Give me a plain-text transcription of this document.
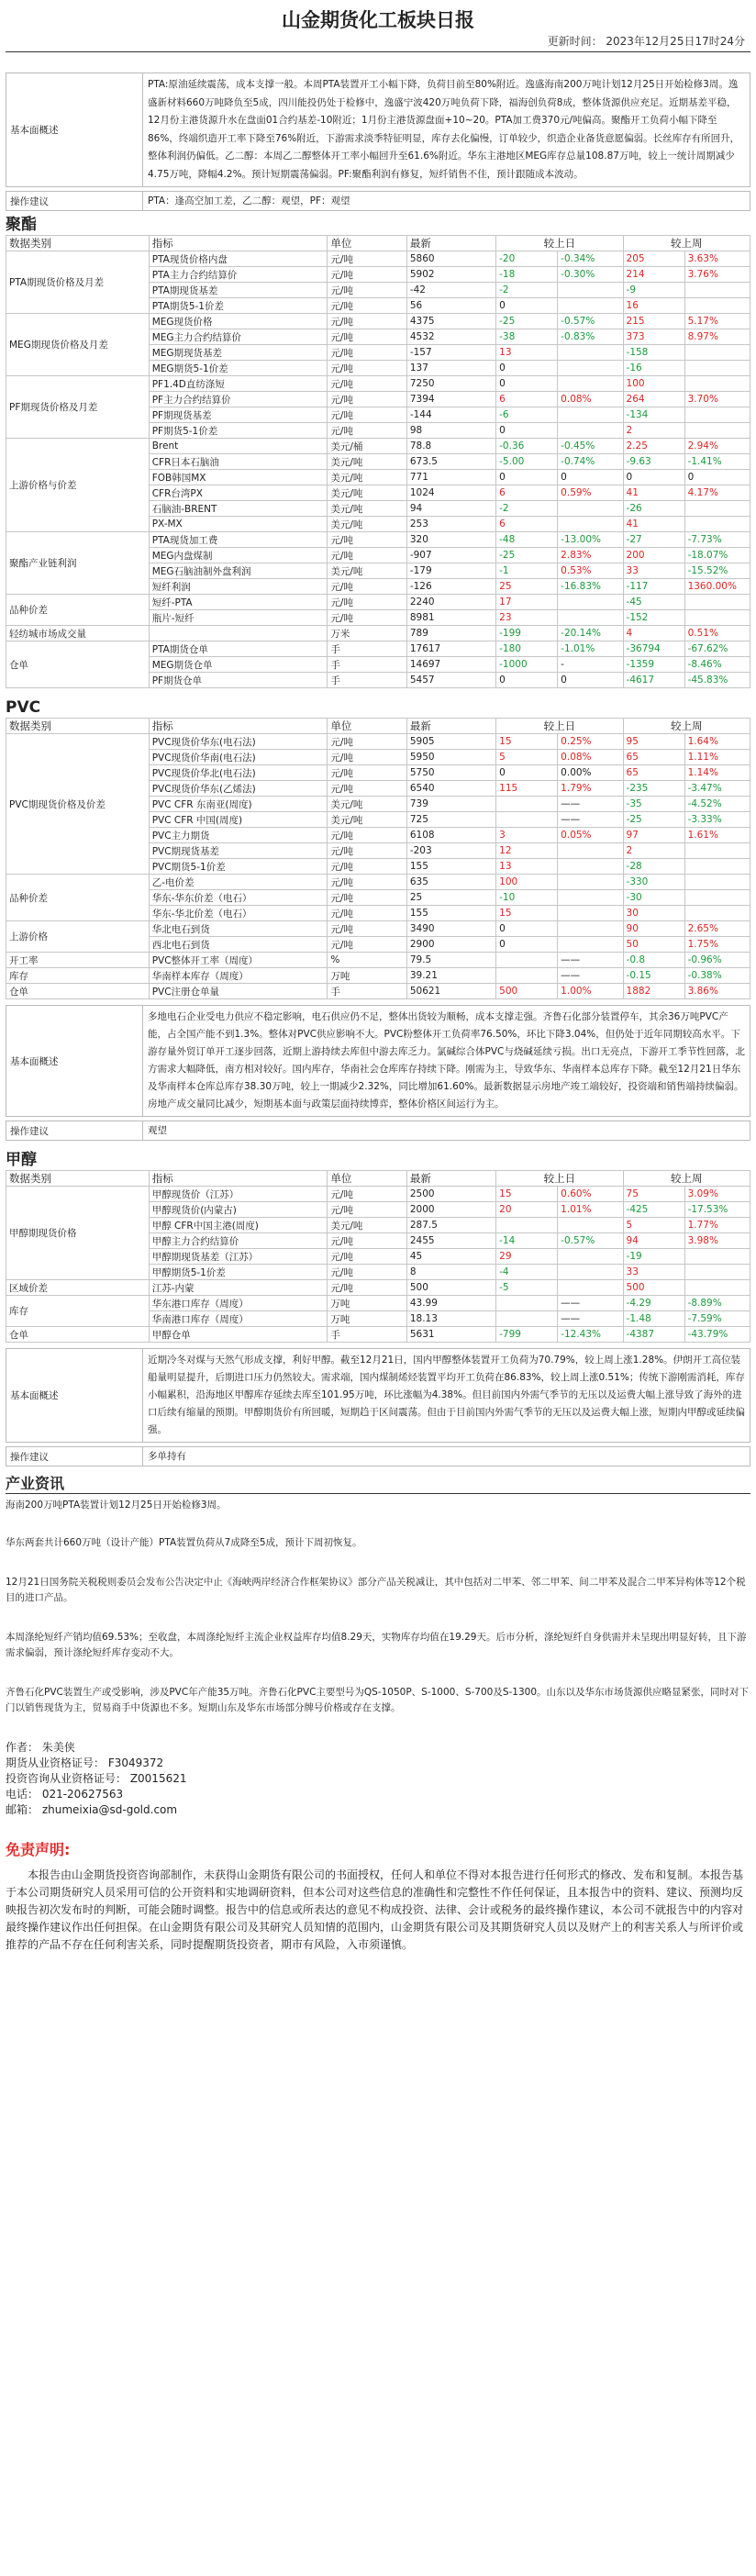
山金期货化工板块日报
更新时间： 2023年12月25日17时24分
基本面概述
PTA:原油延续震荡，成本支撑一般。本周PTA装置开工小幅下降，负荷目前至80%附近。逸盛海南200万吨计划12月25日开始检修3周。逸盛新材料660万吨降负至5成，四川能投仍处于检修中，逸盛宁波420万吨负荷下降，福海创负荷8成，整体货源供应充足。近期基差平稳，12月份主港货源升水在盘面01合约基差-10附近；1月份主港货源盘面+10~20。PTA加工费370元/吨偏高。聚酯开工负荷小幅下降至86%，终端织造开工率下降至76%附近，下游需求淡季特征明显，库存去化偏慢，订单较少，织造企业备货意愿偏弱。长丝库存有所回升，整体利润仍偏低。乙二醇：本周乙二醇整体开工率小幅回升至61.6%附近。华东主港地区MEG库存总量108.87万吨，较上一统计周期减少4.75万吨，降幅4.2%。预计短期震荡偏弱。PF:聚酯利润有修复，短纤销售不佳，预计跟随成本波动。
操作建议	PTA：逢高空加工差，乙二醇：观望，PF：观望
聚酯
数据类别	指标	单位	最新	较上日		较上周	
PTA期现货价格及月差	PTA现货价格内盘	元/吨	5860	-20	-0.34%	205	3.63%
	PTA主力合约结算价	元/吨	5902	-18	-0.30%	214	3.76%
	PTA期现货基差	元/吨	-42	-2		-9	
	PTA期货5-1价差	元/吨	56	0		16	
MEG期现货价格及月差	MEG现货价格	元/吨	4375	-25	-0.57%	215	5.17%
	MEG主力合约结算价	元/吨	4532	-38	-0.83%	373	8.97%
	MEG期现货基差	元/吨	-157	13		-158	
	MEG期货5-1价差	元/吨	137	0		-16	
PF期现货价格及月差	PF1.4D直纺涤短	元/吨	7250	0		100	
	PF主力合约结算价	元/吨	7394	6	0.08%	264	3.70%
	PF期现货基差	元/吨	-144	-6		-134	
	PF期货5-1价差	元/吨	98	0		2	
上游价格与价差	Brent	美元/桶	78.8	-0.36	-0.45%	2.25	2.94%
	CFR日本石脑油	美元/吨	673.5	-5.00	-0.74%	-9.63	-1.41%
	FOB韩国MX	美元/吨	771	0	0	0	0
	CFR台湾PX	美元/吨	1024	6	0.59%	41	4.17%
	石脑油-BRENT	美元/吨	94	-2		-26	
	PX-MX	美元/吨	253	6		41	
聚酯产业链利润	PTA现货加工费	元/吨	320	-48	-13.00%	-27	-7.73%
	MEG内盘煤制	元/吨	-907	-25	2.83%	200	-18.07%
	MEG石脑油制外盘利润	美元/吨	-179	-1	0.53%	33	-15.52%
	短纤利润	元/吨	-126	25	-16.83%	-117	1360.00%
品种价差	短纤-PTA	元/吨	2240	17		-45	
	瓶片-短纤	元/吨	8981	23		-152	
轻纺城市场成交量		万米	789	-199	-20.14%	4	0.51%
仓单	PTA期货仓单	手	17617	-180	-1.01%	-36794	-67.62%
	MEG期货仓单	手	14697	-1000	-	-1359	-8.46%
	PF期货仓单	手	5457	0	0	-4617	-45.83%
PVC
数据类别	指标	单位	最新	较上日		较上周	
PVC期现货价格及价差	PVC现货价华东(电石法)	元/吨	5905	15	0.25%	95	1.64%
	PVC现货价华南(电石法)	元/吨	5950	5	0.08%	65	1.11%
	PVC现货价华北(电石法)	元/吨	5750	0	0.00%	65	1.14%
	PVC现货价华东(乙烯法)	元/吨	6540	115	1.79%	-235	-3.47%
	PVC CFR 东南亚(周度)	美元/吨	739		——	-35	-4.52%
	PVC CFR 中国(周度)	美元/吨	725		——	-25	-3.33%
	PVC主力期货	元/吨	6108	3	0.05%	97	1.61%
	PVC期现货基差	元/吨	-203	12		2	
	PVC期货5-1价差	元/吨	155	13		-28	
品种价差	乙-电价差	元/吨	635	100		-330	
	华东-华东价差（电石）	元/吨	25	-10		-30	
	华东-华北价差（电石）	元/吨	155	15		30	
上游价格	华北电石到货	元/吨	3490	0		90	2.65%
	西北电石到货	元/吨	2900	0		50	1.75%
开工率	PVC整体开工率（周度）	%	79.5		——	-0.8	-0.96%
库存	华南样本库存（周度）	万吨	39.21		——	-0.15	-0.38%
仓单	PVC注册仓单量	手	50621	500	1.00%	1882	3.86%
基本面概述
多地电石企业受电力供应不稳定影响，电石供应仍不足，整体出货较为顺畅，成本支撑走强。齐鲁石化部分装置停车，其余36万吨PVC产能，占全国产能不到1.3%。整体对PVC供应影响不大。PVC粉整体开工负荷率76.50%，环比下降3.04%，但仍处于近年同期较高水平。下游存量外贸订单开工逐步回落，近期上游持续去库但中游去库乏力。氯碱综合体PVC与烧碱延续亏损。出口无亮点，下游开工季节性回落，北方需求大幅降低，南方相对较好。国内库存，华南社会仓库库存持续下降。刚需为主，导致华东、华南样本总库存下降。截至12月21日华东及华南样本仓库总库存38.30万吨，较上一期减少2.32%，同比增加61.60%。最新数据显示房地产竣工端较好，投资端和销售端持续偏弱。房地产成交量同比减少，短期基本面与政策层面持续博弈，整体价格区间运行为主。
操作建议	观望
甲醇
数据类别	指标	单位	最新	较上日		较上周	
甲醇期现货价格	甲醇现货价（江苏）	元/吨	2500	15	0.60%	75	3.09%
	甲醇现货价(内蒙古)	元/吨	2000	20	1.01%	-425	-17.53%
	甲醇 CFR中国主港(周度)	美元/吨	287.5			5	1.77%
	甲醇主力合约结算价	元/吨	2455	-14	-0.57%	94	3.98%
	甲醇期现货基差（江苏）	元/吨	45	29		-19	
	甲醇期货5-1价差	元/吨	8	-4		33	
区域价差	江苏-内蒙	元/吨	500	-5		500	
库存	华东港口库存（周度）	万吨	43.99		——	-4.29	-8.89%
	华南港口库存（周度）	万吨	18.13		——	-1.48	-7.59%
仓单	甲醇仓单	手	5631	-799	-12.43%	-4387	-43.79%
基本面概述
近期冷冬对煤与天然气形成支撑，利好甲醇。截至12月21日，国内甲醇整体装置开工负荷为70.79%，较上周上涨1.28%。伊朗开工高位装船量明显提升，后期进口压力仍然较大。需求端，国内煤制烯烃装置平均开工负荷在86.83%，较上周上涨0.51%；传统下游刚需消耗，库存小幅累积，沿海地区甲醇库存延续去库至101.95万吨，环比涨幅为4.38%。但目前国内外需气季节的无压以及运费大幅上涨导致了海外的进口后续有缩量的预期。甲醇期货价有所回暖，短期趋于区间震荡。但由于目前国内外需气季节的无压以及运费大幅上涨，短期内甲醇或延续偏强。
操作建议	多单持有
产业资讯

海南200万吨PTA装置计划12月25日开始检修3周。

华东两套共计660万吨（设计产能）PTA装置负荷从7成降至5成，预计下周初恢复。

12月21日国务院关税税则委员会发布公告决定中止《海峡两岸经济合作框架协议》部分产品关税减让，其中包括对二甲苯、邻二甲苯、间二甲苯及混合二甲苯异构体等12个税目的进口产品。

本周涤纶短纤产销均值69.53%；至收盘，本周涤纶短纤主流企业权益库存均值8.29天，实物库存均值在19.29天。后市分析，涤纶短纤自身供需并未呈现出明显好转，且下游需求偏弱，预计涤纶短纤库存变动不大。

齐鲁石化PVC装置生产或受影响，涉及PVC年产能35万吨。齐鲁石化PVC主要型号为QS-1050P、S-1000、S-700及S-1300。山东以及华东市场货源供应略显紧张，同时对下门以销售现货为主，贸易商手中货源也不多。短期山东及华东市场部分牌号价格或存在支撑。

作者： 朱美侠
期货从业资格证号： F3049372
投资咨询从业资格证号： Z0015621
电话： 021-20627563
邮箱： zhumeixia@sd-gold.com
免责声明:
本报告由山金期货投资咨询部制作，未获得山金期货有限公司的书面授权，任何人和单位不得对本报告进行任何形式的修改、发布和复制。本报告基于本公司期货研究人员采用可信的公开资料和实地调研资料，但本公司对这些信息的准确性和完整性不作任何保证，且本报告中的资料、建议、预测均反映报告初次发布时的判断，可能会随时调整。报告中的信息或所表达的意见不构成投资、法律、会计或税务的最终操作建议，本公司不就报告中的内容对最终操作建议作出任何担保。在山金期货有限公司及其研究人员知情的范围内，山金期货有限公司及其期货研究人员以及财产上的利害关系人与所评价或推荐的产品不存在任何利害关系，同时提醒期货投资者，期市有风险，入市须谨慎。
